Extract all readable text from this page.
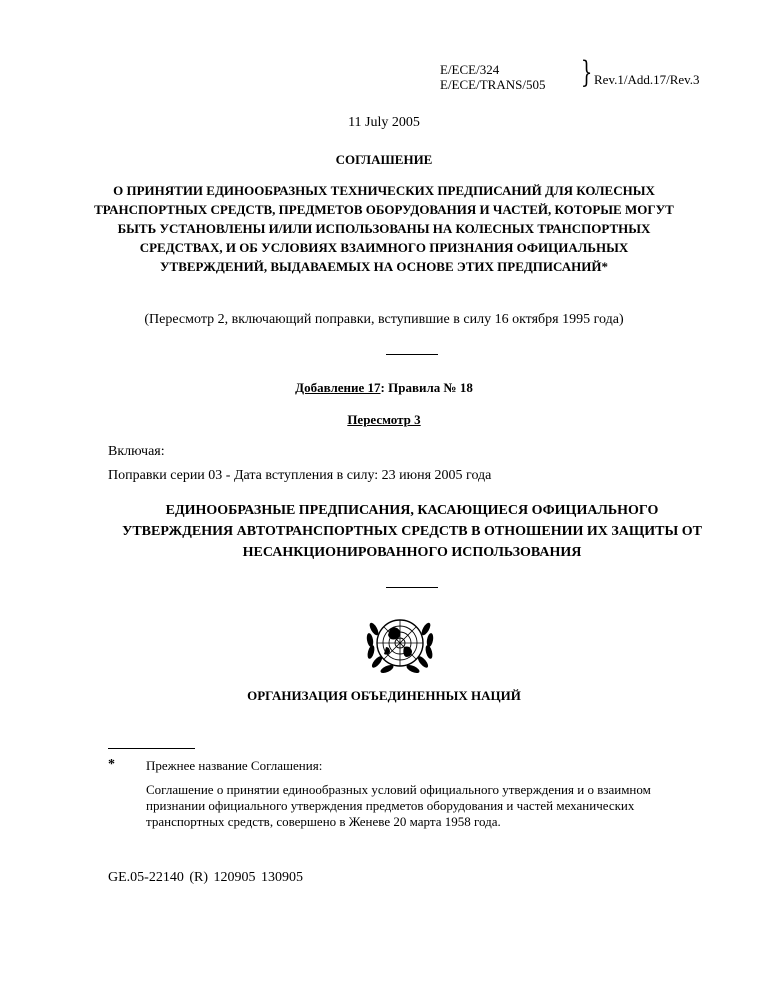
E/ECE/324
E/ECE/TRANS/505 } Rev.1/Add.17/Rev.3
11 July 2005
СОГЛАШЕНИЕ
О ПРИНЯТИИ ЕДИНООБРАЗНЫХ ТЕХНИЧЕСКИХ ПРЕДПИСАНИЙ ДЛЯ КОЛЕСНЫХ ТРАНСПОРТНЫХ СРЕДСТВ, ПРЕДМЕТОВ ОБОРУДОВАНИЯ И ЧАСТЕЙ, КОТОРЫЕ МОГУТ БЫТЬ УСТАНОВЛЕНЫ И/ИЛИ ИСПОЛЬЗОВАНЫ НА КОЛЕСНЫХ ТРАНСПОРТНЫХ СРЕДСТВАХ, И ОБ УСЛОВИЯХ ВЗАИМНОГО ПРИЗНАНИЯ ОФИЦИАЛЬНЫХ УТВЕРЖДЕНИЙ, ВЫДАВАЕМЫХ НА ОСНОВЕ ЭТИХ ПРЕДПИСАНИЙ*
(Пересмотр 2, включающий поправки, вступившие в силу 16 октября 1995 года)
Добавление 17: Правила № 18
Пересмотр 3
Включая:
Поправки серии 03 - Дата вступления в силу: 23 июня 2005 года
ЕДИНООБРАЗНЫЕ ПРЕДПИСАНИЯ, КАСАЮЩИЕСЯ ОФИЦИАЛЬНОГО УТВЕРЖДЕНИЯ АВТОТРАНСПОРТНЫХ СРЕДСТВ В ОТНОШЕНИИ ИХ ЗАЩИТЫ ОТ НЕСАНКЦИОНИРОВАННОГО ИСПОЛЬЗОВАНИЯ
ОРГАНИЗАЦИЯ ОБЪЕДИНЕННЫХ НАЦИЙ
* Прежнее название Соглашения:
Соглашение о принятии единообразных условий официального утверждения и о взаимном признании официального утверждения предметов оборудования и частей механических транспортных средств, совершено в Женеве 20 марта 1958 года.
GE.05-22140 (R) 120905 130905
